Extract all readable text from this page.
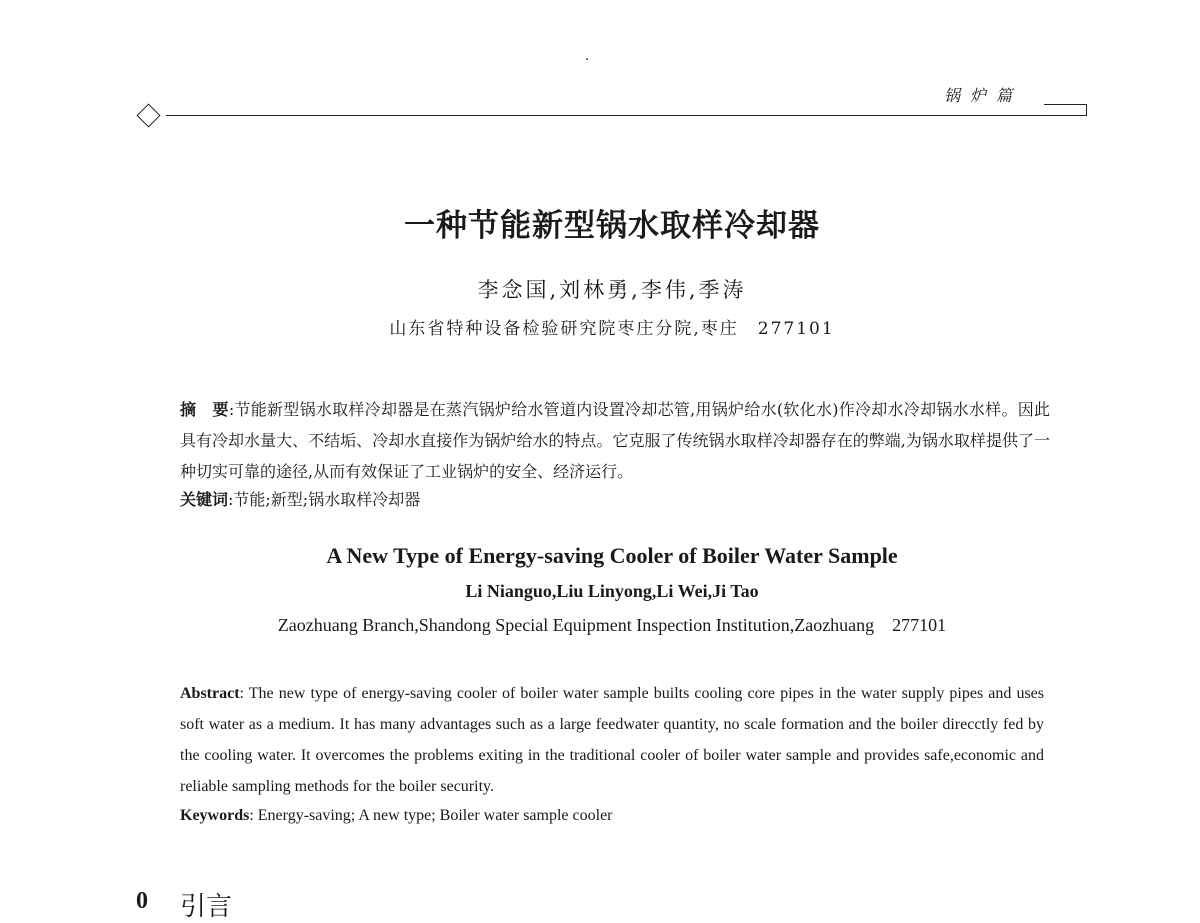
锅炉篇
一种节能新型锅水取样冷却器
李念国,刘林勇,李伟,季涛
山东省特种设备检验研究院枣庄分院,枣庄　277101
摘　要:节能新型锅水取样冷却器是在蒸汽锅炉给水管道内设置冷却芯管,用锅炉给水(软化水)作冷却水冷却锅水水样。因此具有冷却水量大、不结垢、冷却水直接作为锅炉给水的特点。它克服了传统锅水取样冷却器存在的弊端,为锅水取样提供了一种切实可靠的途径,从而有效保证了工业锅炉的安全、经济运行。
关键词:节能;新型;锅水取样冷却器
A New Type of Energy-saving Cooler of Boiler Water Sample
Li Nianguo,Liu Linyong,Li Wei,Ji Tao
Zaozhuang Branch,Shandong Special Equipment Inspection Institution,Zaozhuang 277101
Abstract: The new type of energy-saving cooler of boiler water sample builts cooling core pipes in the water supply pipes and uses soft water as a medium. It has many advantages such as a large feedwater quantity, no scale formation and the boiler direcctly fed by the cooling water. It overcomes the problems exiting in the traditional cooler of boiler water sample and provides safe,economic and reliable sampling methods for the boiler security.
Keywords: Energy-saving; A new type; Boiler water sample cooler
0 引言
